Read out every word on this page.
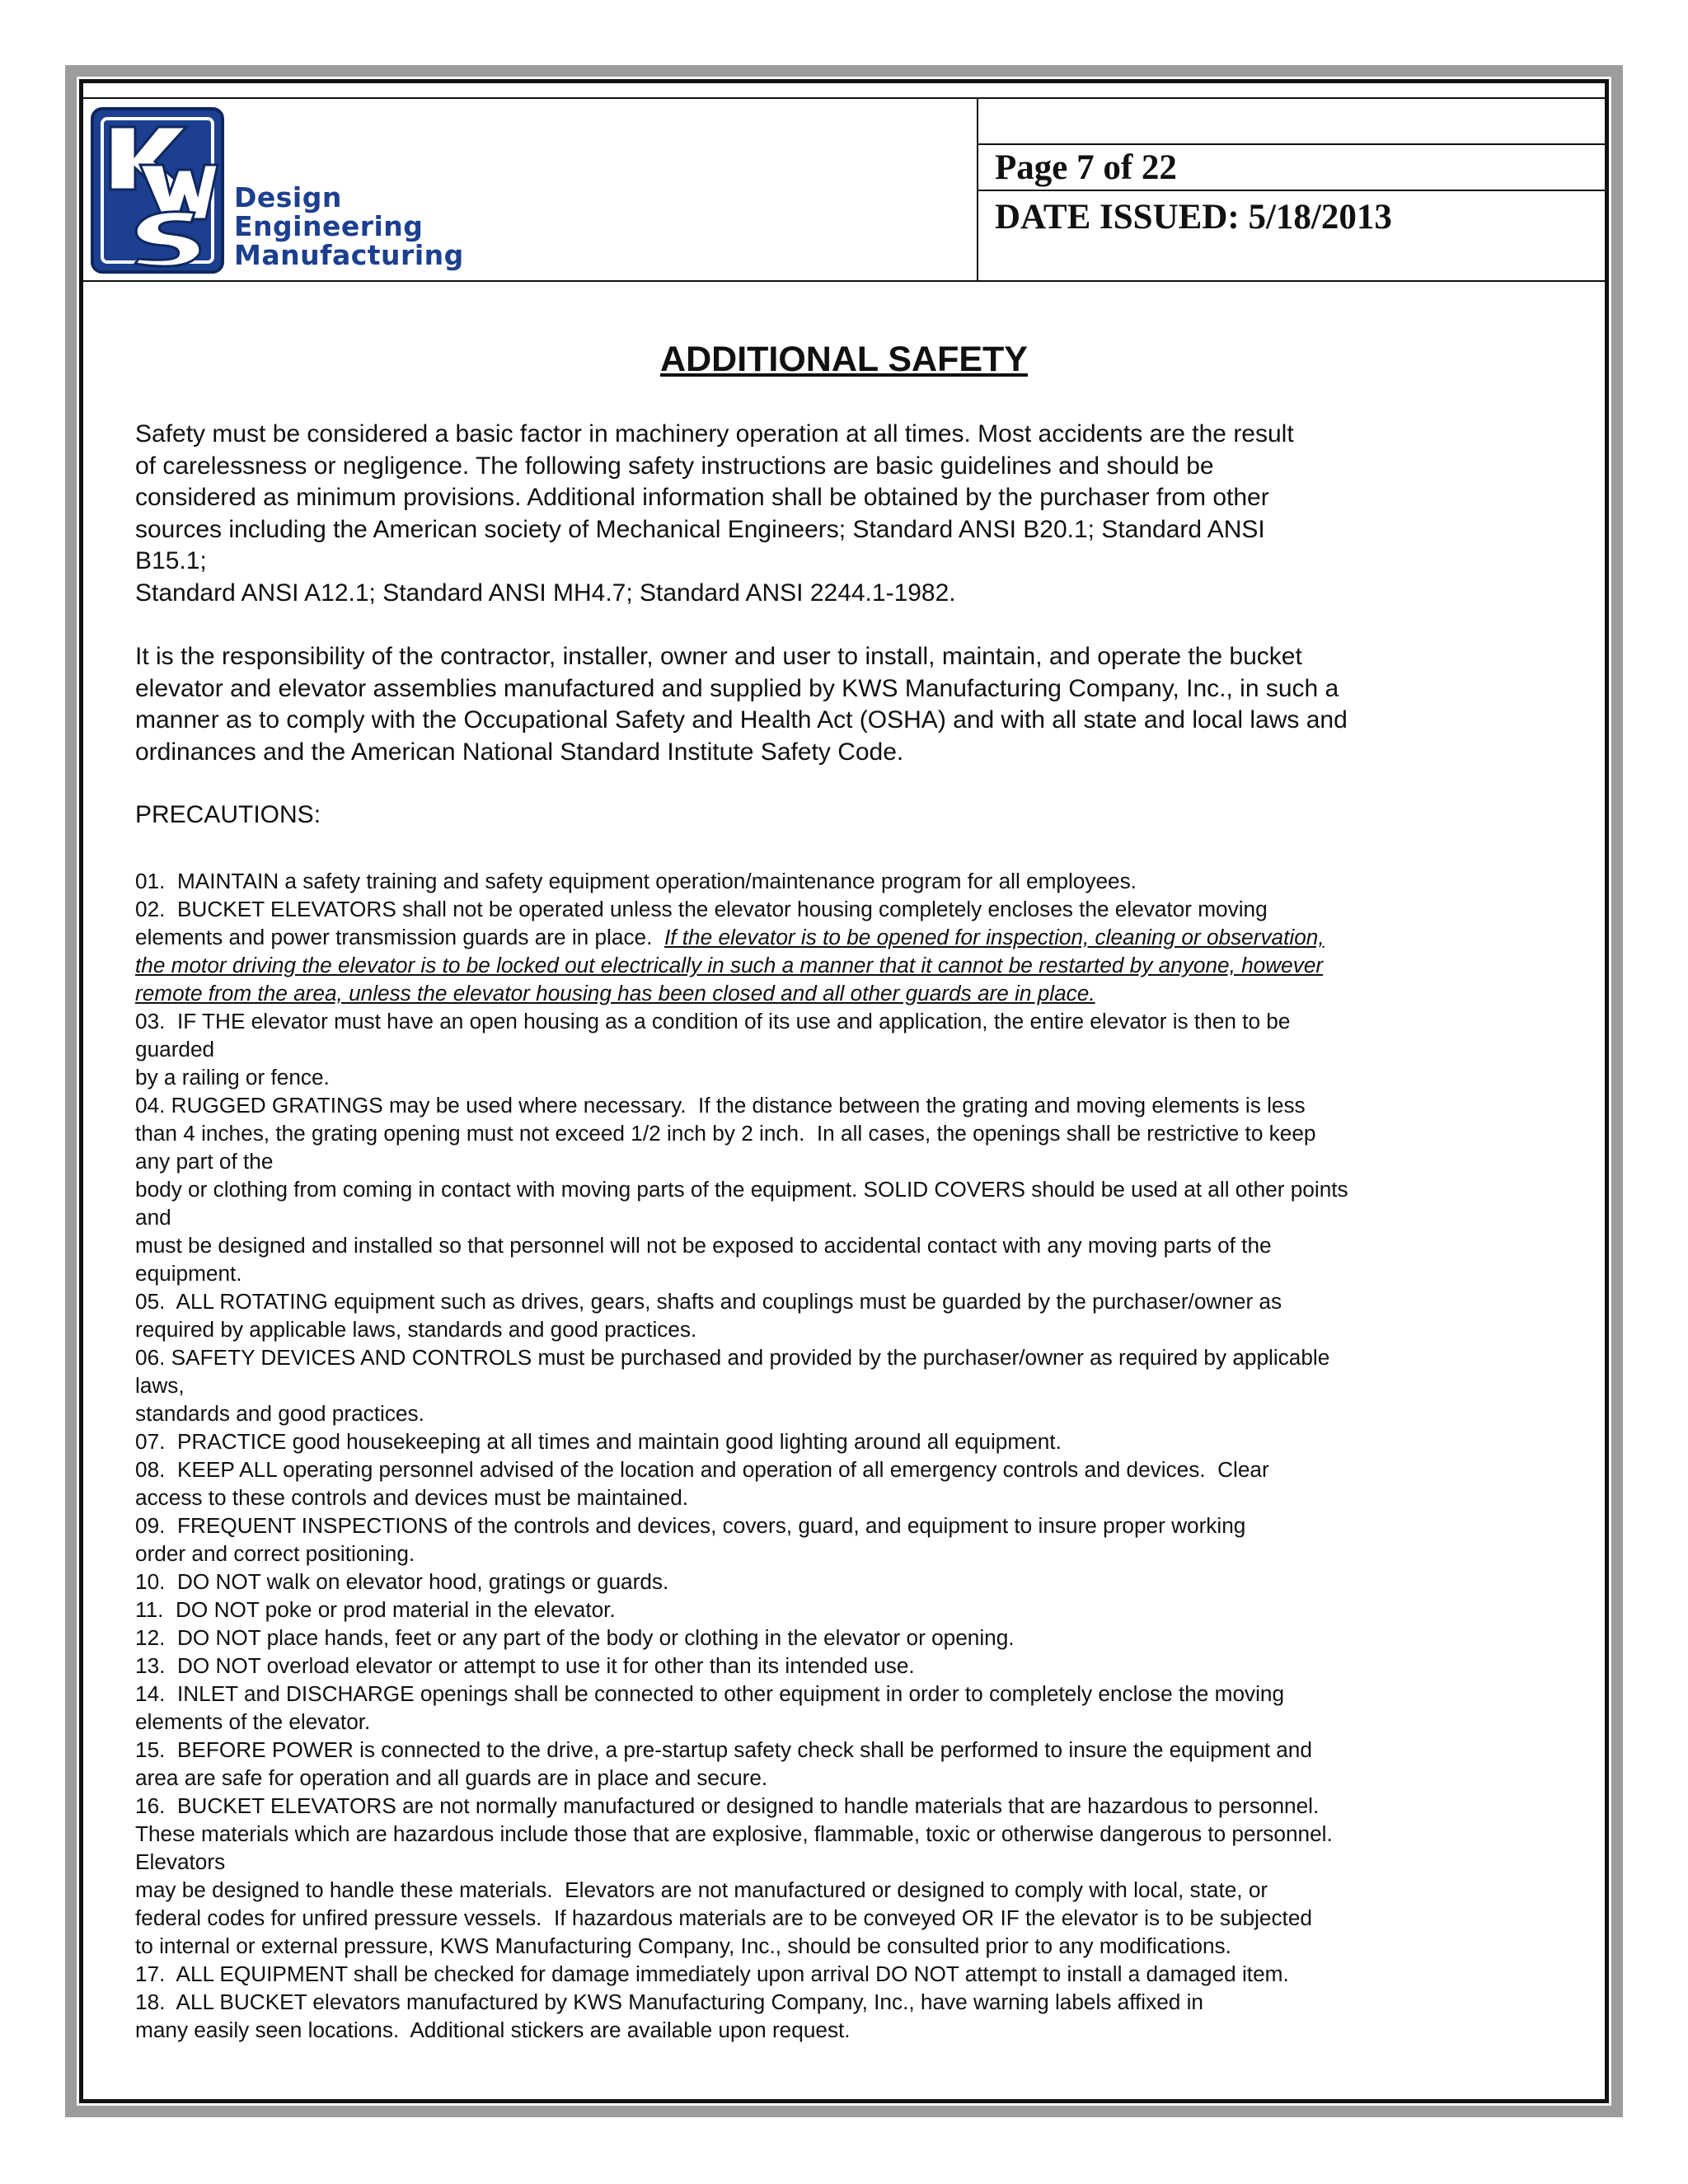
Page 7 of 22
DATE ISSUED: 5/18/2013
Design
Engineering
Manufacturing
ADDITIONAL SAFETY
Safety must be considered a basic factor in machinery operation at all times. Most accidents are the result
of carelessness or negligence. The following safety instructions are basic guidelines and should be
considered as minimum provisions. Additional information shall be obtained by the purchaser from other
sources including the American society of Mechanical Engineers; Standard ANSI B20.1; Standard ANSI
B15.1;
Standard ANSI A12.1; Standard ANSI MH4.7; Standard ANSI 2244.1-1982.
It is the responsibility of the contractor, installer, owner and user to install, maintain, and operate the bucket
elevator and elevator assemblies manufactured and supplied by KWS Manufacturing Company, Inc., in such a
manner as to comply with the Occupational Safety and Health Act (OSHA) and with all state and local laws and
ordinances and the American National Standard Institute Safety Code.
PRECAUTIONS:
01.  MAINTAIN a safety training and safety equipment operation/maintenance program for all employees.
02.  BUCKET ELEVATORS shall not be operated unless the elevator housing completely encloses the elevator moving
elements and power transmission guards are in place.  If the elevator is to be opened for inspection, cleaning or observation,
the motor driving the elevator is to be locked out electrically in such a manner that it cannot be restarted by anyone, however
remote from the area, unless the elevator housing has been closed and all other guards are in place.
03.  IF THE elevator must have an open housing as a condition of its use and application, the entire elevator is then to be
guarded
by a railing or fence.
04. RUGGED GRATINGS may be used where necessary.  If the distance between the grating and moving elements is less
than 4 inches, the grating opening must not exceed 1/2 inch by 2 inch.  In all cases, the openings shall be restrictive to keep
any part of the
body or clothing from coming in contact with moving parts of the equipment. SOLID COVERS should be used at all other points
and
must be designed and installed so that personnel will not be exposed to accidental contact with any moving parts of the
equipment.
05.  ALL ROTATING equipment such as drives, gears, shafts and couplings must be guarded by the purchaser/owner as
required by applicable laws, standards and good practices.
06. SAFETY DEVICES AND CONTROLS must be purchased and provided by the purchaser/owner as required by applicable
laws,
standards and good practices.
07.  PRACTICE good housekeeping at all times and maintain good lighting around all equipment.
08.  KEEP ALL operating personnel advised of the location and operation of all emergency controls and devices.  Clear
access to these controls and devices must be maintained.
09.  FREQUENT INSPECTIONS of the controls and devices, covers, guard, and equipment to insure proper working
order and correct positioning.
10.  DO NOT walk on elevator hood, gratings or guards.
11.  DO NOT poke or prod material in the elevator.
12.  DO NOT place hands, feet or any part of the body or clothing in the elevator or opening.
13.  DO NOT overload elevator or attempt to use it for other than its intended use.
14.  INLET and DISCHARGE openings shall be connected to other equipment in order to completely enclose the moving
elements of the elevator.
15.  BEFORE POWER is connected to the drive, a pre-startup safety check shall be performed to insure the equipment and
area are safe for operation and all guards are in place and secure.
16.  BUCKET ELEVATORS are not normally manufactured or designed to handle materials that are hazardous to personnel.
These materials which are hazardous include those that are explosive, flammable, toxic or otherwise dangerous to personnel.
Elevators
may be designed to handle these materials.  Elevators are not manufactured or designed to comply with local, state, or
federal codes for unfired pressure vessels.  If hazardous materials are to be conveyed OR IF the elevator is to be subjected
to internal or external pressure, KWS Manufacturing Company, Inc., should be consulted prior to any modifications.
17.  ALL EQUIPMENT shall be checked for damage immediately upon arrival DO NOT attempt to install a damaged item.
18.  ALL BUCKET elevators manufactured by KWS Manufacturing Company, Inc., have warning labels affixed in
many easily seen locations.  Additional stickers are available upon request.
